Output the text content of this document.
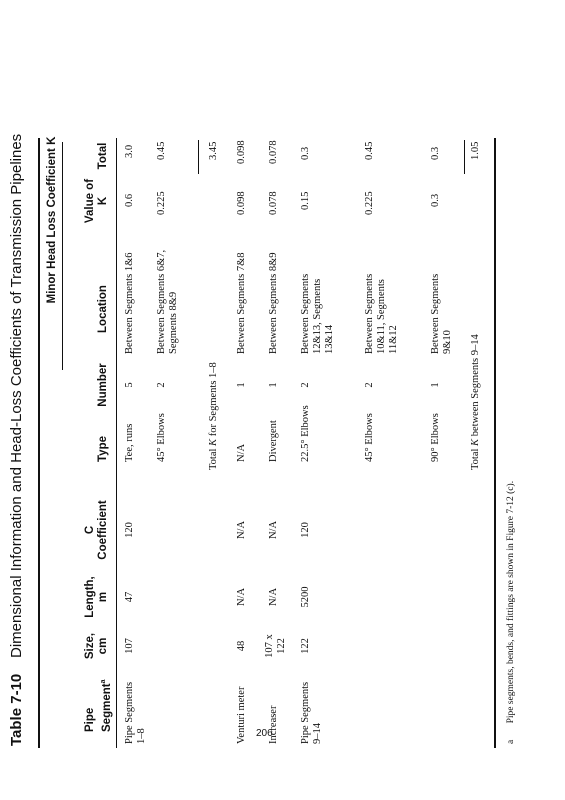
Table 7-10 Dimensional Information and Head-Loss Coefficients of Transmission Pipelines
Pipe Segment$^a$
Size, cm
Length, m
C Coefficient
Minor Head Loss Coefficient K
Type
Number
Location
Value of K
Total
Pipe Segments 1–8
107
47
120
Tee, runs
5
Between Segments 1&6
0.6
3.0
45° Elbows
2
Between Segments 6&7, Segments 8&9
0.225
0.45
Total K for Segments 1–8
3.45
Venturi meter
48
N/A
N/A
N/A
1
Between Segments 7&8
0.098
0.098
Increaser
107 x 122
N/A
N/A
Divergent
1
Between Segments 8&9
0.078
0.078
Pipe Segments 9–14
122
5200
120
22.5° Elbows
2
Between Segments 12&13, Segments 13&14
0.15
0.3
45° Elbows
2
Between Segments 10&11, Segments 11&12
0.225
0.45
90° Elbows
1
Between Segments 9&10
0.3
0.3
Total K between Segments 9–14
1.05
a Pipe segments, bends, and fittings are shown in Figure 7-12 (c).
206
